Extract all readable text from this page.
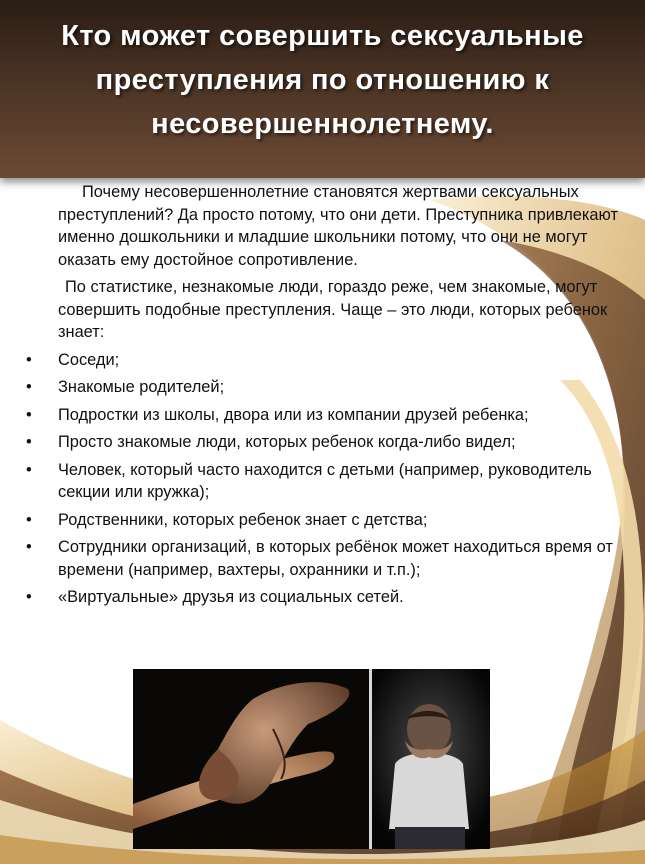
Кто может совершить сексуальные преступления по отношению к несовершеннолетнему.

Почему несовершеннолетние становятся жертвами сексуальных преступлений? Да просто потому, что они дети. Преступника привлекают именно дошкольники и младшие школьники потому, что они не могут оказать ему достойное сопротивление.

По статистике, незнакомые люди, гораздо реже, чем знакомые, могут совершить подобные преступления. Чаще – это люди, которых ребенок знает:

• Соседи;
• Знакомые родителей;
• Подростки из школы, двора или из компании друзей ребенка;
• Просто знакомые люди, которых ребенок когда-либо видел;
• Человек, который часто находится с детьми (например, руководитель секции или кружка);
• Родственники, которых ребенок знает с детства;
• Сотрудники организаций, в которых ребёнок может находиться время от времени (например, вахтеры, охранники и т.п.);
• «Виртуальные» друзья из социальных сетей.
